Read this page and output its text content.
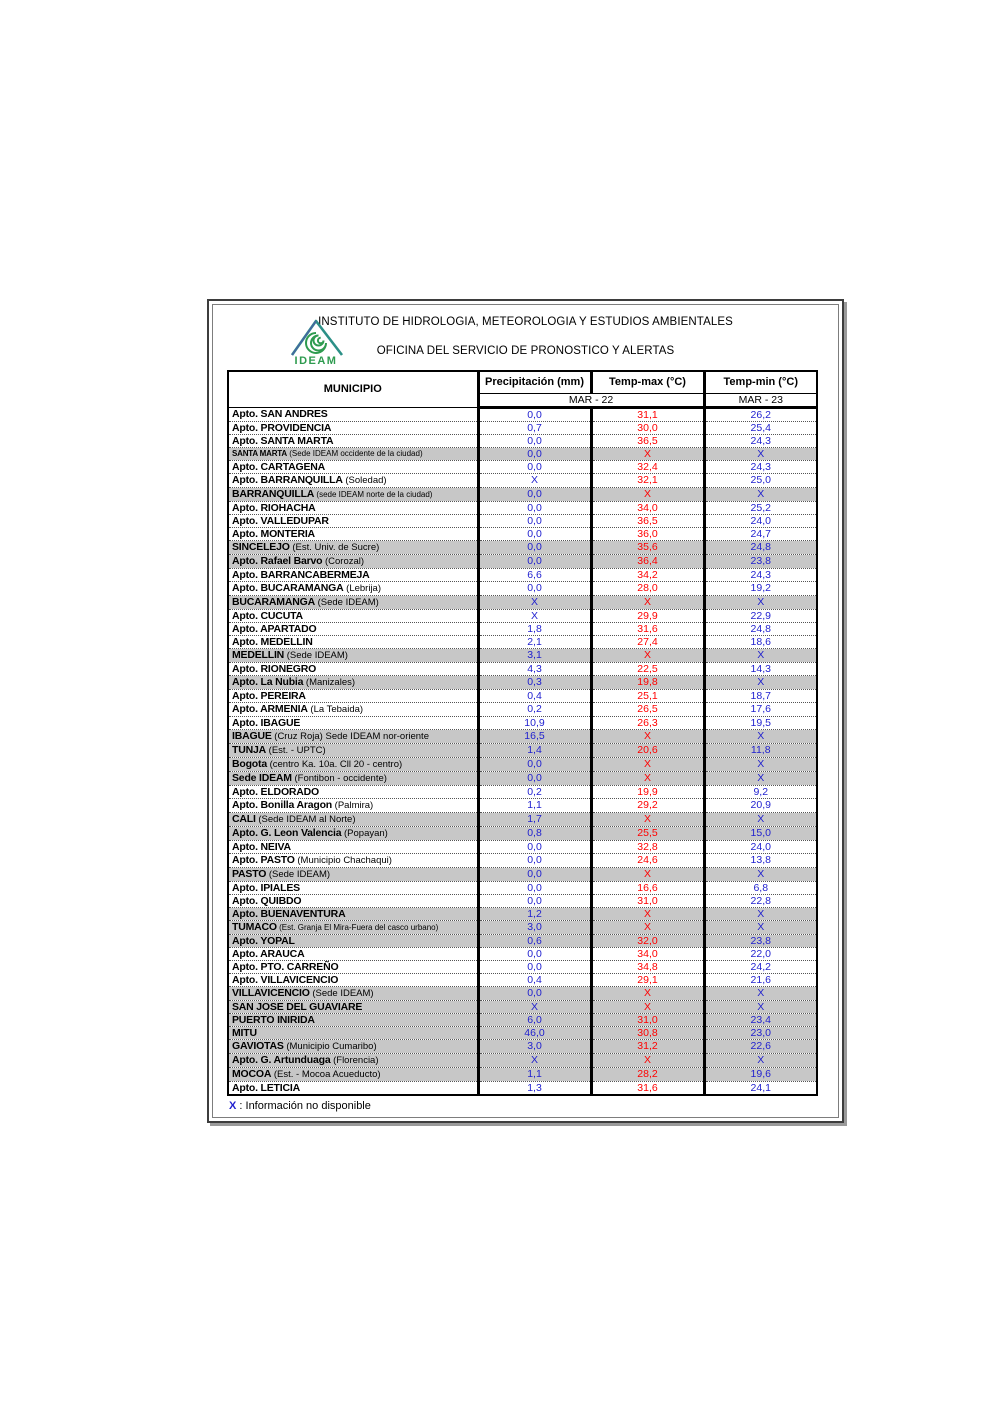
INSTITUTO DE HIDROLOGIA, METEOROLOGIA Y ESTUDIOS AMBIENTALES
OFICINA DEL SERVICIO DE PRONOSTICO Y ALERTAS
IDEAM
MUNICIPIO	Precipitación (mm)	Temp-max (°C)	Temp-min (°C)
	MAR - 22		MAR - 23
Apto. SAN ANDRES	0,0	31,1	26,2
Apto. PROVIDENCIA	0,7	30,0	25,4
Apto. SANTA MARTA	0,0	36,5	24,3
SANTA MARTA (Sede IDEAM occidente de la ciudad)	0,0	X	X
Apto. CARTAGENA	0,0	32,4	24,3
Apto. BARRANQUILLA (Soledad)	X	32,1	25,0
BARRANQUILLA (sede IDEAM norte de la ciudad)	0,0	X	X
Apto. RIOHACHA	0,0	34,0	25,2
Apto. VALLEDUPAR	0,0	36,5	24,0
Apto. MONTERIA	0,0	36,0	24,7
SINCELEJO (Est. Univ. de Sucre)	0,0	35,6	24,8
Apto. Rafael Barvo (Corozal)	0,0	36,4	23,8
Apto. BARRANCABERMEJA	6,6	34,2	24,3
Apto. BUCARAMANGA (Lebrija)	0,0	28,0	19,2
BUCARAMANGA (Sede IDEAM)	X	X	X
Apto. CUCUTA	X	29,9	22,9
Apto. APARTADO	1,8	31,6	24,8
Apto. MEDELLIN	2,1	27,4	18,6
MEDELLIN (Sede IDEAM)	3,1	X	X
Apto. RIONEGRO	4,3	22,5	14,3
Apto. La Nubia (Manizales)	0,3	19,8	X
Apto. PEREIRA	0,4	25,1	18,7
Apto. ARMENIA (La Tebaida)	0,2	26,5	17,6
Apto. IBAGUE	10,9	26,3	19,5
IBAGUE (Cruz Roja) Sede IDEAM nor-oriente	16,5	X	X
TUNJA (Est. - UPTC)	1,4	20,6	11,8
Bogota (centro Ka. 10a. Cll 20 - centro)	0,0	X	X
Sede IDEAM (Fontibon - occidente)	0,0	X	X
Apto. ELDORADO	0,2	19,9	9,2
Apto. Bonilla Aragon (Palmira)	1,1	29,2	20,9
CALI (Sede IDEAM al Norte)	1,7	X	X
Apto. G. Leon Valencia (Popayan)	0,8	25,5	15,0
Apto. NEIVA	0,0	32,8	24,0
Apto. PASTO (Municipio Chachaqui)	0,0	24,6	13,8
PASTO (Sede IDEAM)	0,0	X	X
Apto. IPIALES	0,0	16,6	6,8
Apto. QUIBDO	0,0	31,0	22,8
Apto. BUENAVENTURA	1,2	X	X
TUMACO (Est. Granja El Mira-Fuera del casco urbano)	3,0	X	X
Apto. YOPAL	0,6	32,0	23,8
Apto. ARAUCA	0,0	34,0	22,0
Apto. PTO. CARREÑO	0,0	34,8	24,2
Apto. VILLAVICENCIO	0,4	29,1	21,6
VILLAVICENCIO (Sede IDEAM)	0,0	X	X
SAN JOSE DEL GUAVIARE	X	X	X
PUERTO INIRIDA	6,0	31,0	23,4
MITU	46,0	30,8	23,0
GAVIOTAS (Municipio Cumaribo)	3,0	31,2	22,6
Apto. G. Artunduaga (Florencia)	X	X	X
MOCOA (Est. - Mocoa Acueducto)	1,1	28,2	19,6
Apto. LETICIA	1,3	31,6	24,1
X : Información no disponible
